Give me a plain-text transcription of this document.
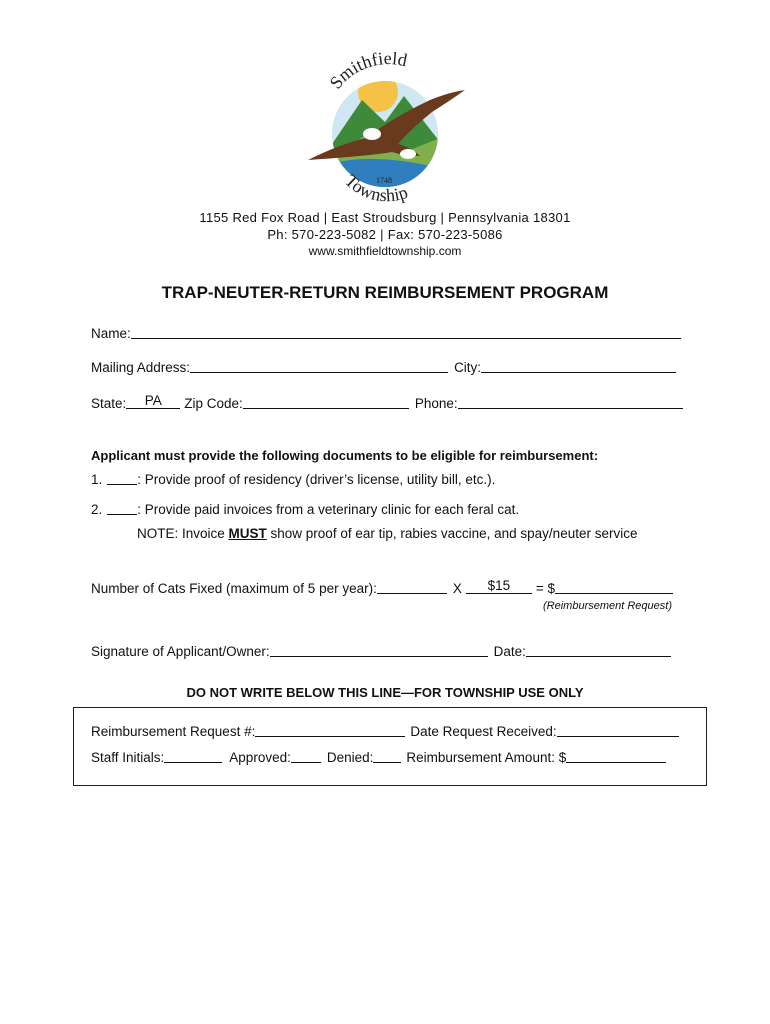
Smithfield
Township
1748
1155 Red Fox Road | East Stroudsburg | Pennsylvania 18301
Ph: 570-223-5082 | Fax: 570-223-5086
www.smithfieldtownship.com
TRAP-NEUTER-RETURN REIMBURSEMENT PROGRAM
Name:
Mailing Address:	City:
State:	PA	Zip Code:	Phone:
Applicant must provide the following documents to be eligible for reimbursement:
1.	: Provide proof of residency (driver’s license, utility bill, etc.).
2.	: Provide paid invoices from a veterinary clinic for each feral cat.
NOTE: Invoice MUST show proof of ear tip, rabies vaccine, and spay/neuter service
Number of Cats Fixed (maximum of 5 per year):	X	$15	= $
(Reimbursement Request)
Signature of Applicant/Owner:	Date:
DO NOT WRITE BELOW THIS LINE—FOR TOWNSHIP USE ONLY
Reimbursement Request #:	Date Request Received:
Staff Initials:	Approved:	Denied: Reimbursement Amount: $
